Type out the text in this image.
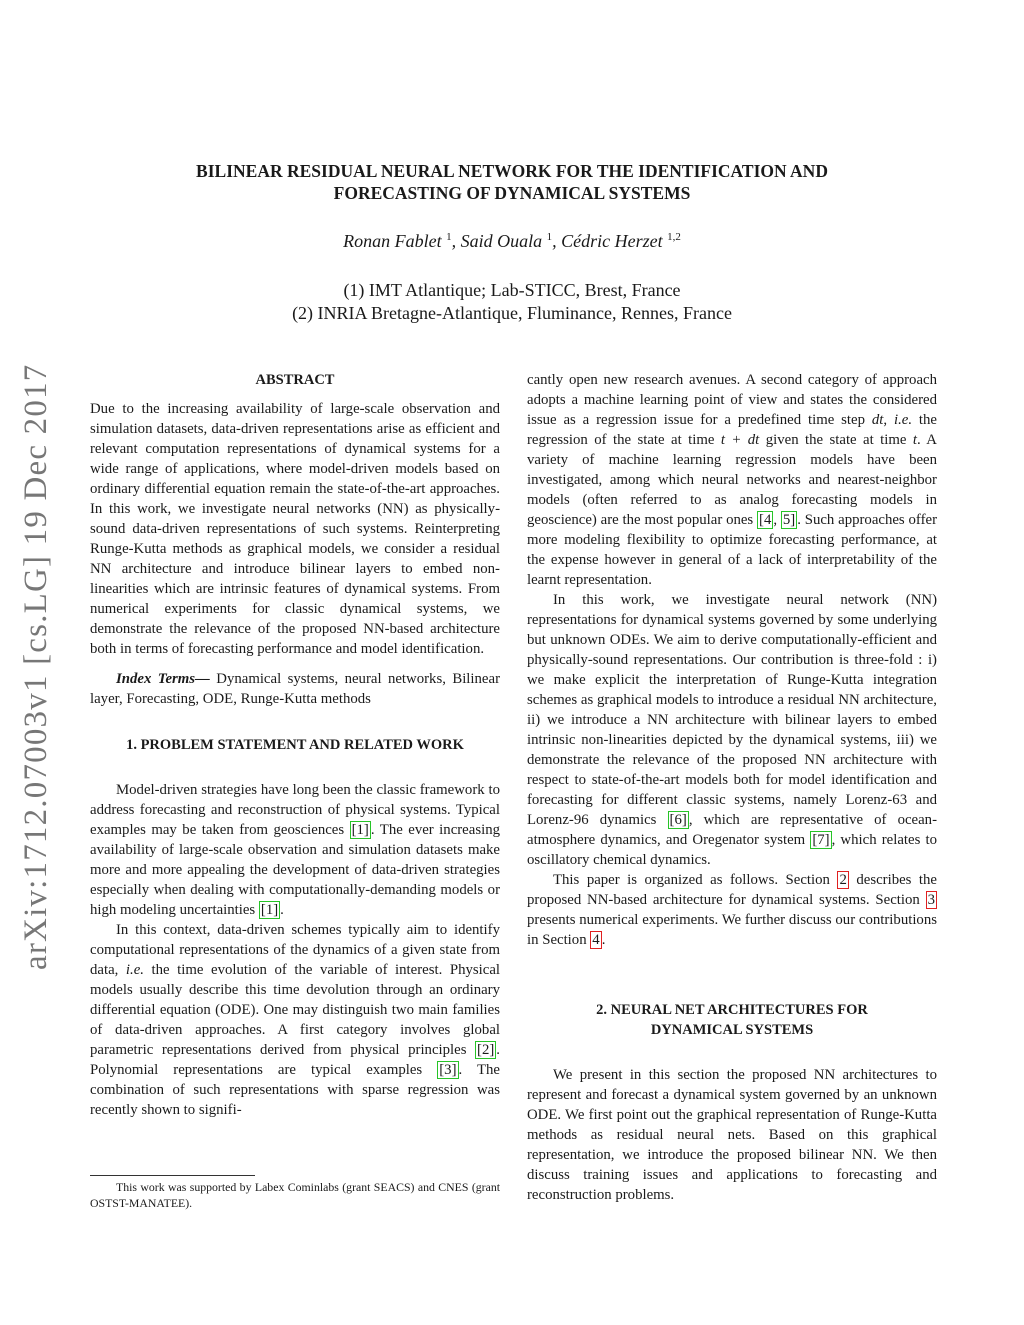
arXiv:1712.07003v1 [cs.LG] 19 Dec 2017
BILINEAR RESIDUAL NEURAL NETWORK FOR THE IDENTIFICATION AND
FORECASTING OF DYNAMICAL SYSTEMS
Ronan Fablet $^1$, Said Ouala $^1$, Cédric Herzet $^{1,2}$
(1) IMT Atlantique; Lab-STICC, Brest, France
(2) INRIA Bretagne-Atlantique, Fluminance, Rennes, France
ABSTRACT

Due to the increasing availability of large-scale observation and simulation datasets, data-driven representations arise as efficient and relevant computation representations of dynamical systems for a wide range of applications, where model-driven models based on ordinary differential equation remain the state-of-the-art approaches. In this work, we investigate neural networks (NN) as physically-sound data-driven representations of such systems. Reinterpreting Runge-Kutta methods as graphical models, we consider a residual NN architecture and introduce bilinear layers to embed non-linearities which are intrinsic features of dynamical systems. From numerical experiments for classic dynamical systems, we demonstrate the relevance of the proposed NN-based architecture both in terms of forecasting performance and model identification.

Index Terms— Dynamical systems, neural networks, Bilinear layer, Forecasting, ODE, Runge-Kutta methods

1. PROBLEM STATEMENT AND RELATED WORK

Model-driven strategies have long been the classic framework to address forecasting and reconstruction of physical systems. Typical examples may be taken from geosciences [1] . The ever increasing availability of large-scale observation and simulation datasets make more and more appealing the development of data-driven strategies especially when dealing with computationally-demanding models or high modeling uncertainties [1] .

In this context, data-driven schemes typically aim to identify computational representations of the dynamics of a given state from data, i.e. the time evolution of the variable of interest. Physical models usually describe this time devolution through an ordinary differential equation (ODE). One may distinguish two main families of data-driven approaches. A first category involves global parametric representations derived from physical principles [2] . Polynomial representations are typical examples [3] . The combination of such representations with sparse regression was recently shown to signifi-

This work was supported by Labex Cominlabs (grant SEACS) and CNES (grant OSTST-MANATEE).

cantly open new research avenues. A second category of approach adopts a machine learning point of view and states the considered issue as a regression issue for a predefined time step dt, i.e. the regression of the state at time t + dt given the state at time t. A variety of machine learning regression models have been investigated, among which neural networks and nearest-neighbor models (often referred to as analog forecasting models in geoscience) are the most popular ones [4 , 5] . Such approaches offer more modeling flexibility to optimize forecasting performance, at the expense however in general of a lack of interpretability of the learnt representation.

In this work, we investigate neural network (NN) representations for dynamical systems governed by some underlying but unknown ODEs. We aim to derive computationally-efficient and physically-sound representations. Our contribution is three-fold : i) we make explicit the interpretation of Runge-Kutta integration schemes as graphical models to introduce a residual NN architecture, ii) we introduce a NN architecture with bilinear layers to embed intrinsic non-linearities depicted by the dynamical systems, iii) we demonstrate the relevance of the proposed NN architecture with respect to state-of-the-art models both for model identification and forecasting for different classic systems, namely Lorenz-63 and Lorenz-96 dynamics [6] , which are representative of ocean-atmosphere dynamics, and Oregenator system [7] , which relates to oscillatory chemical dynamics.

This paper is organized as follows. Section 2 describes the proposed NN-based architecture for dynamical systems. Section 3 presents numerical experiments. We further discuss our contributions in Section 4 .

2. NEURAL NET ARCHITECTURES FOR
DYNAMICAL SYSTEMS

We present in this section the proposed NN architectures to represent and forecast a dynamical system governed by an unknown ODE. We first point out the graphical representation of Runge-Kutta methods as residual neural nets. Based on this graphical representation, we introduce the proposed bilinear NN. We then discuss training issues and applications to forecasting and reconstruction problems.
